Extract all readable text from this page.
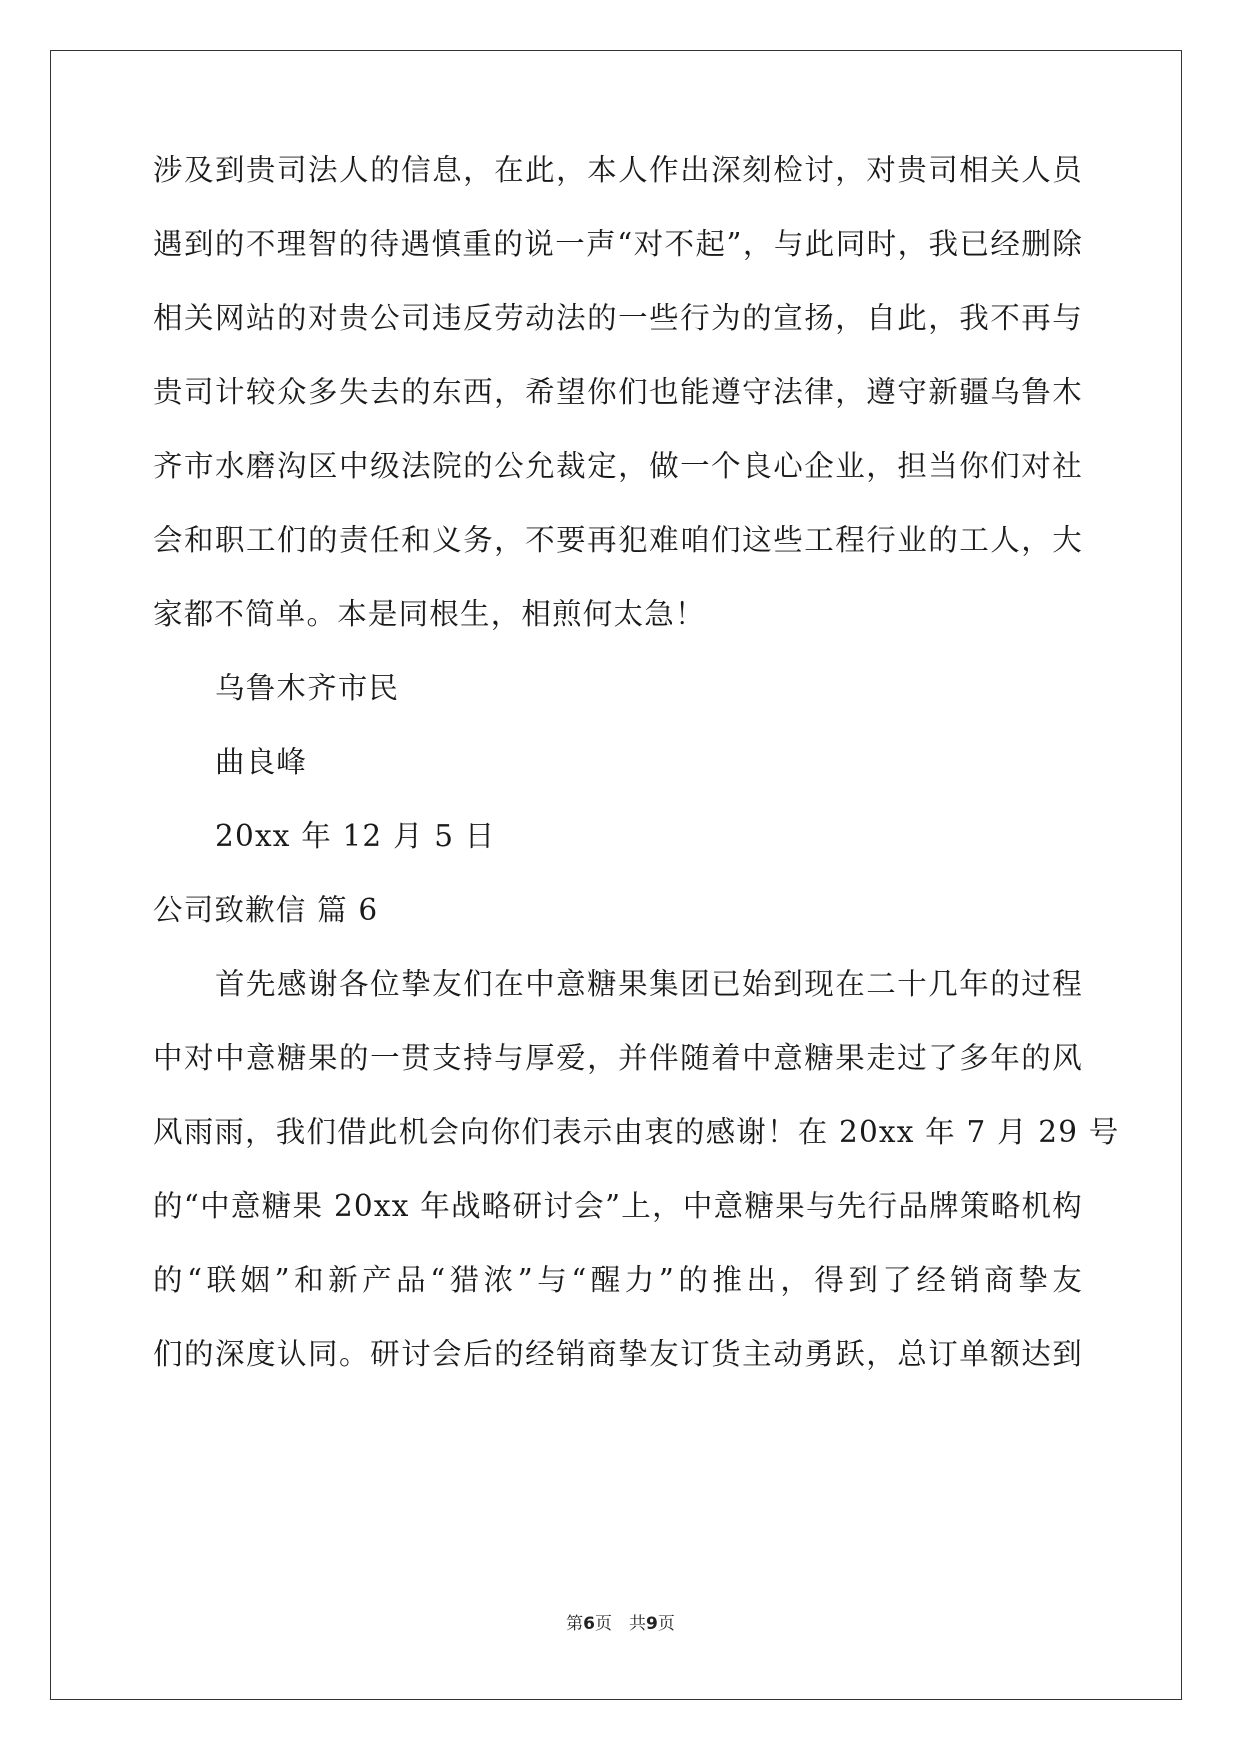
涉及到贵司法人的信息，在此，本人作出深刻检讨，对贵司相关人员
遇到的不理智的待遇慎重的说一声“对不起”，与此同时，我已经删除
相关网站的对贵公司违反劳动法的一些行为的宣扬，自此，我不再与
贵司计较众多失去的东西，希望你们也能遵守法律，遵守新疆乌鲁木
齐市水磨沟区中级法院的公允裁定，做一个良心企业，担当你们对社
会和职工们的责任和义务，不要再犯难咱们这些工程行业的工人，大
家都不简单。本是同根生，相煎何太急！
乌鲁木齐市民
曲良峰
20xx 年 12 月 5 日
公司致歉信 篇 6
首先感谢各位挚友们在中意糖果集团已始到现在二十几年的过程
中对中意糖果的一贯支持与厚爱，并伴随着中意糖果走过了多年的风
风雨雨，我们借此机会向你们表示由衷的感谢！在 20xx 年 7 月 29 号
的“中意糖果 20xx 年战略研讨会”上，中意糖果与先行品牌策略机构
的“联姻”和新产品“猎浓”与“醒力”的推出，得到了经销商挚友
们的深度认同。研讨会后的经销商挚友订货主动勇跃，总订单额达到
第6页　共9页
